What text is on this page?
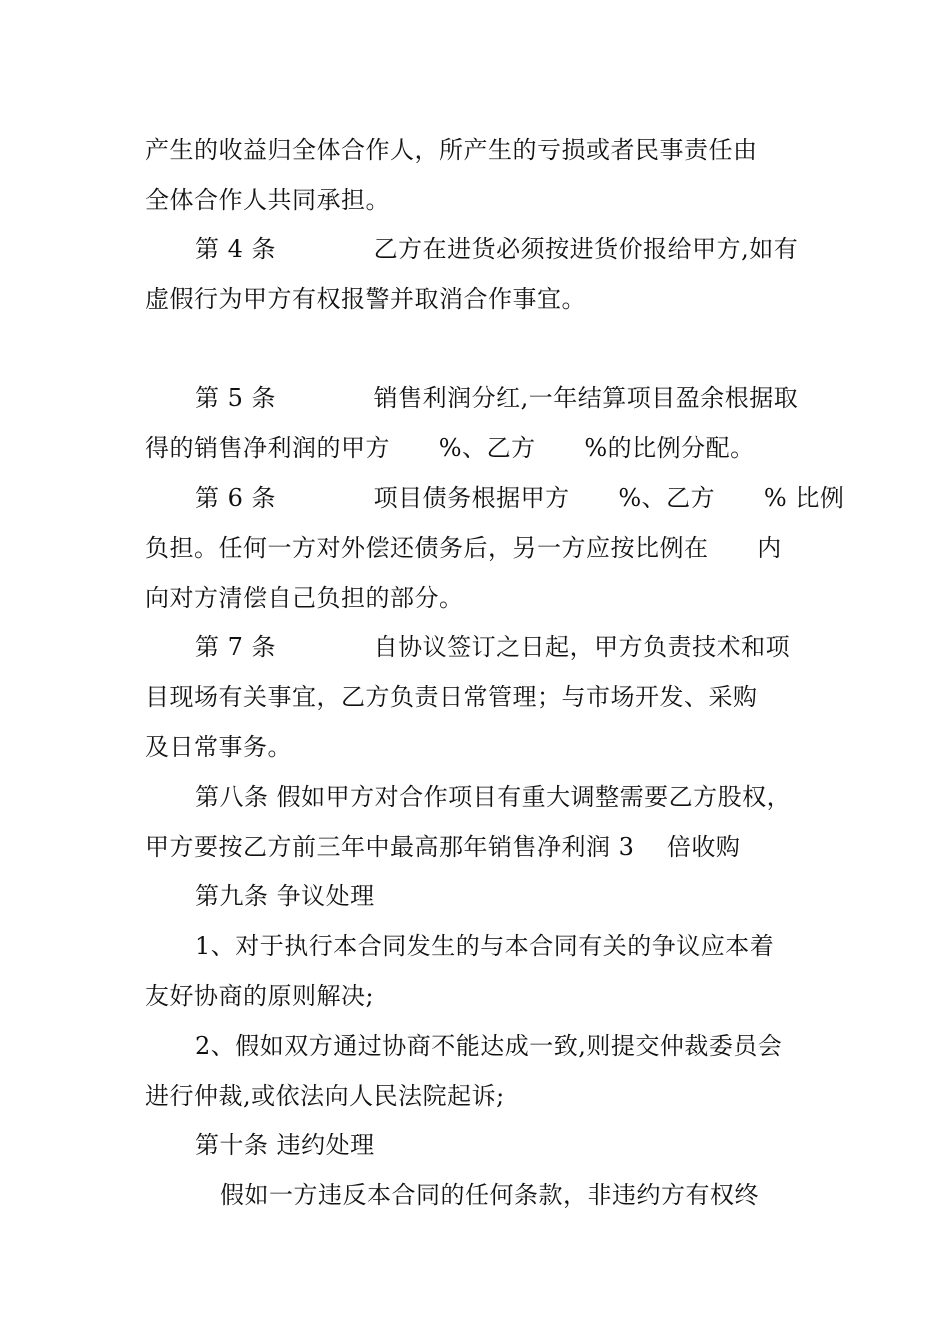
产生的收益归全体合作人，所产生的亏损或者民事责任由
全体合作人共同承担。
第 4 条            乙方在进货必须按进货价报给甲方,如有
虚假行为甲方有权报警并取消合作事宜。
第 5 条            销售利润分红,一年结算项目盈余根据取
得的销售净利润的甲方      %、乙方      %的比例分配。
第 6 条            项目债务根据甲方      %、乙方      % 比例
负担。任何一方对外偿还债务后，另一方应按比例在      内
向对方清偿自己负担的部分。
第 7 条            自协议签订之日起，甲方负责技术和项
目现场有关事宜，乙方负责日常管理；与市场开发、采购
及日常事务。
第八条 假如甲方对合作项目有重大调整需要乙方股权，
甲方要按乙方前三年中最高那年销售净利润 3    倍收购
第九条 争议处理
1、对于执行本合同发生的与本合同有关的争议应本着
友好协商的原则解决;
2、假如双方通过协商不能达成一致,则提交仲裁委员会
进行仲裁,或依法向人民法院起诉;
第十条 违约处理
假如一方违反本合同的任何条款，非违约方有权终
